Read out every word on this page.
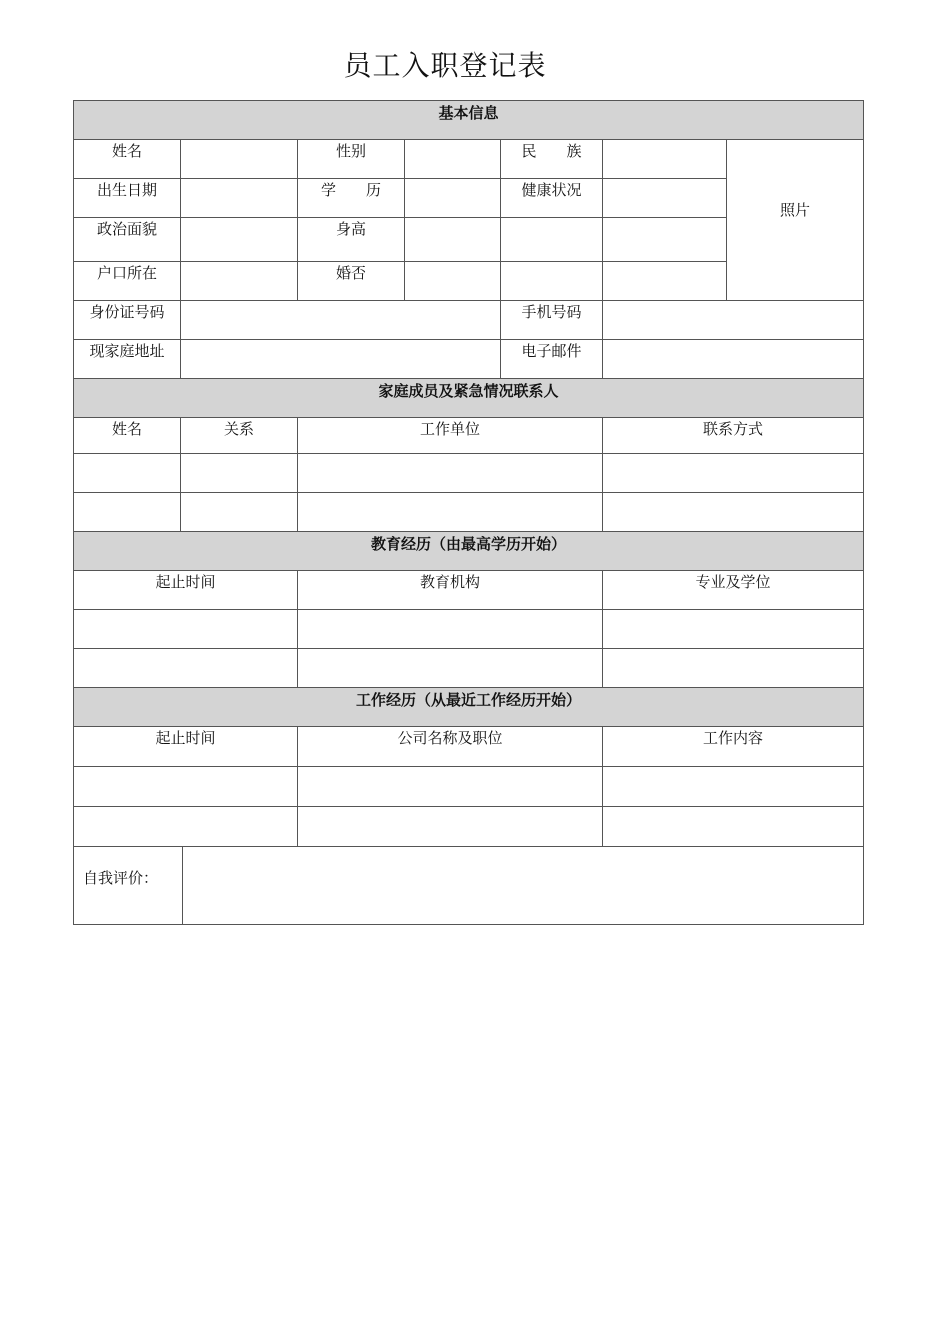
员工入职登记表
基本信息							
姓名			性别		民　　族		照片
出生日期			学　　历		健康状况		
政治面貌			身高				
户口所在			婚否				
身份证号码					手机号码		
现家庭地址					电子邮件		
家庭成员及紧急情况联系人							
姓名	关系		工作单位			联系方式	

教育经历（由最高学历开始）							
起止时间			教育机构			专业及学位	

工作经历（从最近工作经历开始）							
起止时间			公司名称及职位			工作内容	

自我评价：							
